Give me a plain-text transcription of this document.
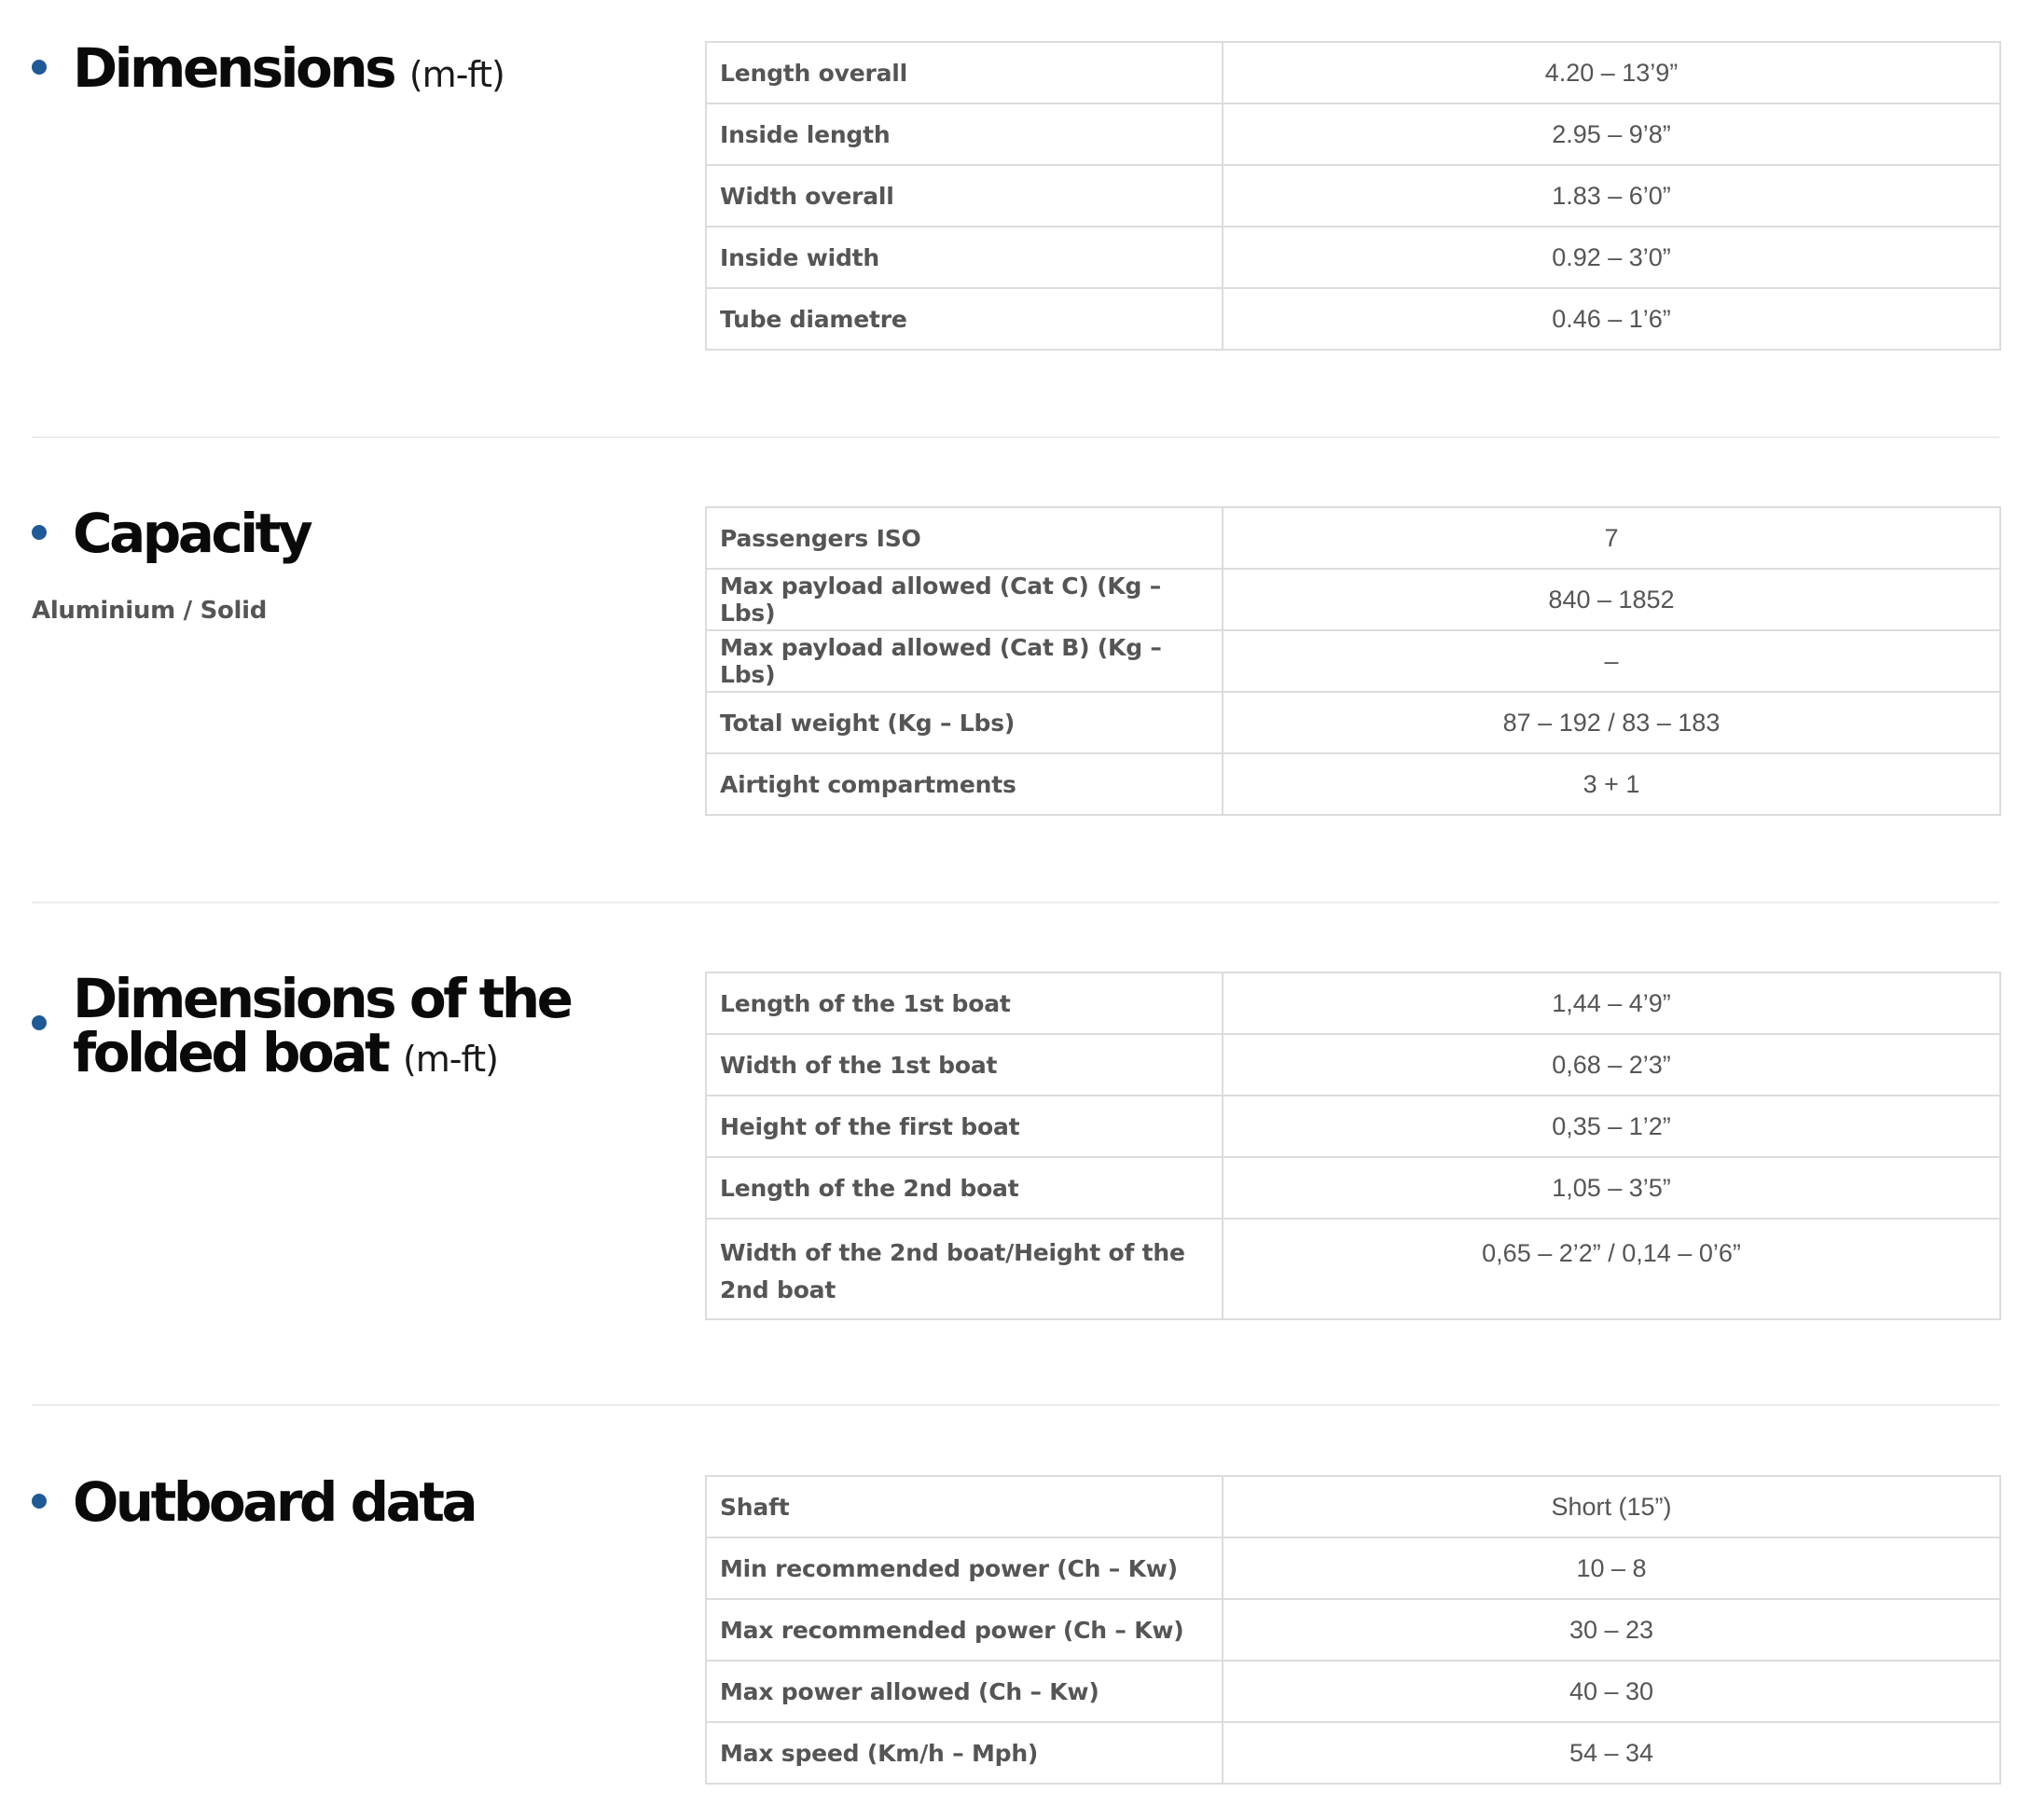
Dimensions (m-ft)	Length overall	4.20 – 13’9”
Inside length	2.95 – 9’8”
Width overall	1.83 – 6’0”
Inside width	0.92 – 3’0”
Tube diametre	0.46 – 1’6”
Capacity

Aluminium / Solid

Passengers ISO	7
Max payload allowed (Cat C) (Kg – Lbs)	840 – 1852
Max payload allowed (Cat B) (Kg – Lbs)	–
Total weight (Kg – Lbs)	87 – 192 / 83 – 183
Airtight compartments	3 + 1
Dimensions of the folded boat (m-ft)
Length of the 1st boat	1,44 – 4’9”
Width of the 1st boat	0,68 – 2’3”
Height of the first boat	0,35 – 1’2”
Length of the 2nd boat	1,05 – 3’5”
Width of the 2nd boat/Height of the 2nd boat	0,65 – 2’2” / 0,14 – 0’6”
Outboard data	Shaft	Short (15”)
Min recommended power (Ch – Kw)	10 – 8
Max recommended power (Ch – Kw)	30 – 23
Max power allowed (Ch – Kw)	40 – 30
Max speed (Km/h – Mph)	54 – 34
